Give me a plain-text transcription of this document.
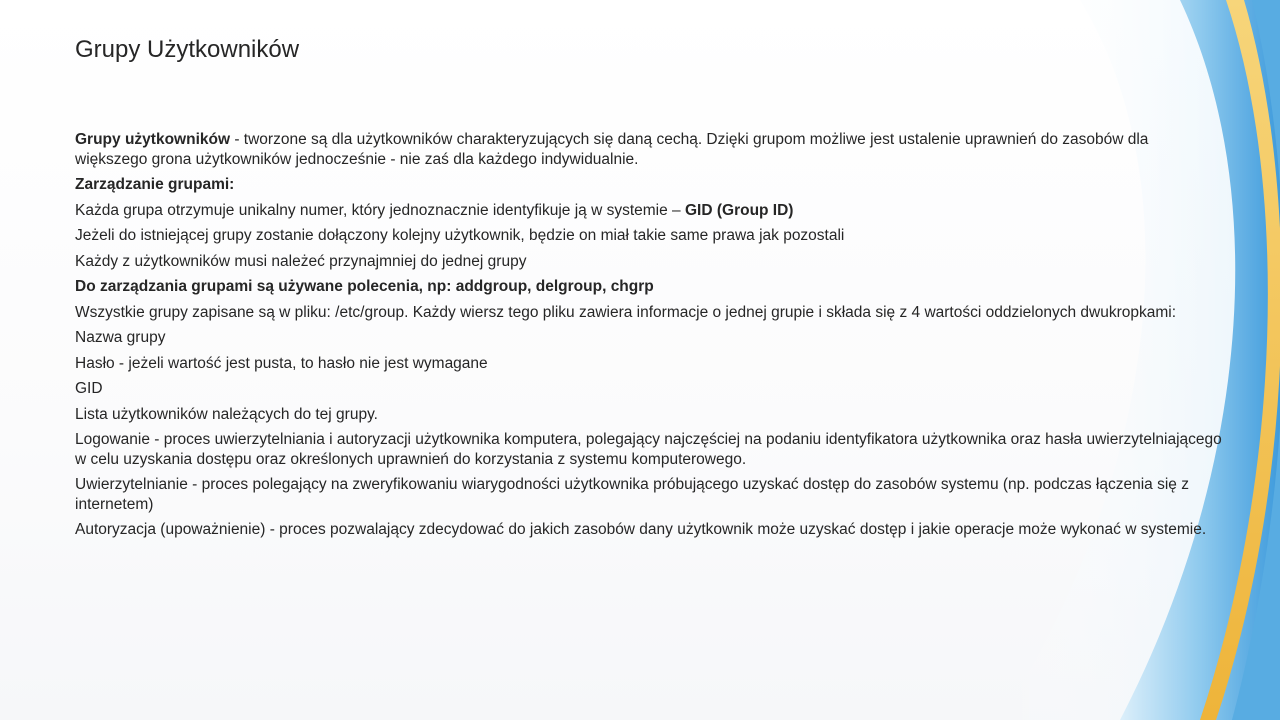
Grupy Użytkowników

Grupy użytkowników - tworzone są dla użytkowników charakteryzujących się daną cechą. Dzięki grupom możliwe jest ustalenie uprawnień do zasobów dla większego grona użytkowników jednocześnie - nie zaś dla każdego indywidualnie.

Zarządzanie grupami:

Każda grupa otrzymuje unikalny numer, który jednoznacznie identyfikuje ją w systemie – GID (Group ID)

Jeżeli do istniejącej grupy zostanie dołączony kolejny użytkownik, będzie on miał takie same prawa jak pozostali

Każdy z użytkowników musi należeć przynajmniej do jednej grupy

Do zarządzania grupami są używane polecenia, np: addgroup, delgroup, chgrp

Wszystkie grupy zapisane są w pliku: /etc/group. Każdy wiersz tego pliku zawiera informacje o jednej grupie i składa się z 4 wartości oddzielonych dwukropkami:

Nazwa grupy

Hasło - jeżeli wartość jest pusta, to hasło nie jest wymagane

GID

Lista użytkowników należących do tej grupy.

Logowanie - proces uwierzytelniania i autoryzacji użytkownika komputera, polegający najczęściej na podaniu identyfikatora użytkownika oraz hasła uwierzytelniającego w celu uzyskania dostępu oraz określonych uprawnień do korzystania z systemu komputerowego.

Uwierzytelnianie - proces polegający na zweryfikowaniu wiarygodności użytkownika próbującego uzyskać dostęp do zasobów systemu (np. podczas łączenia się z internetem)

Autoryzacja (upoważnienie) - proces pozwalający zdecydować do jakich zasobów dany użytkownik może uzyskać dostęp i jakie operacje może wykonać w systemie.
